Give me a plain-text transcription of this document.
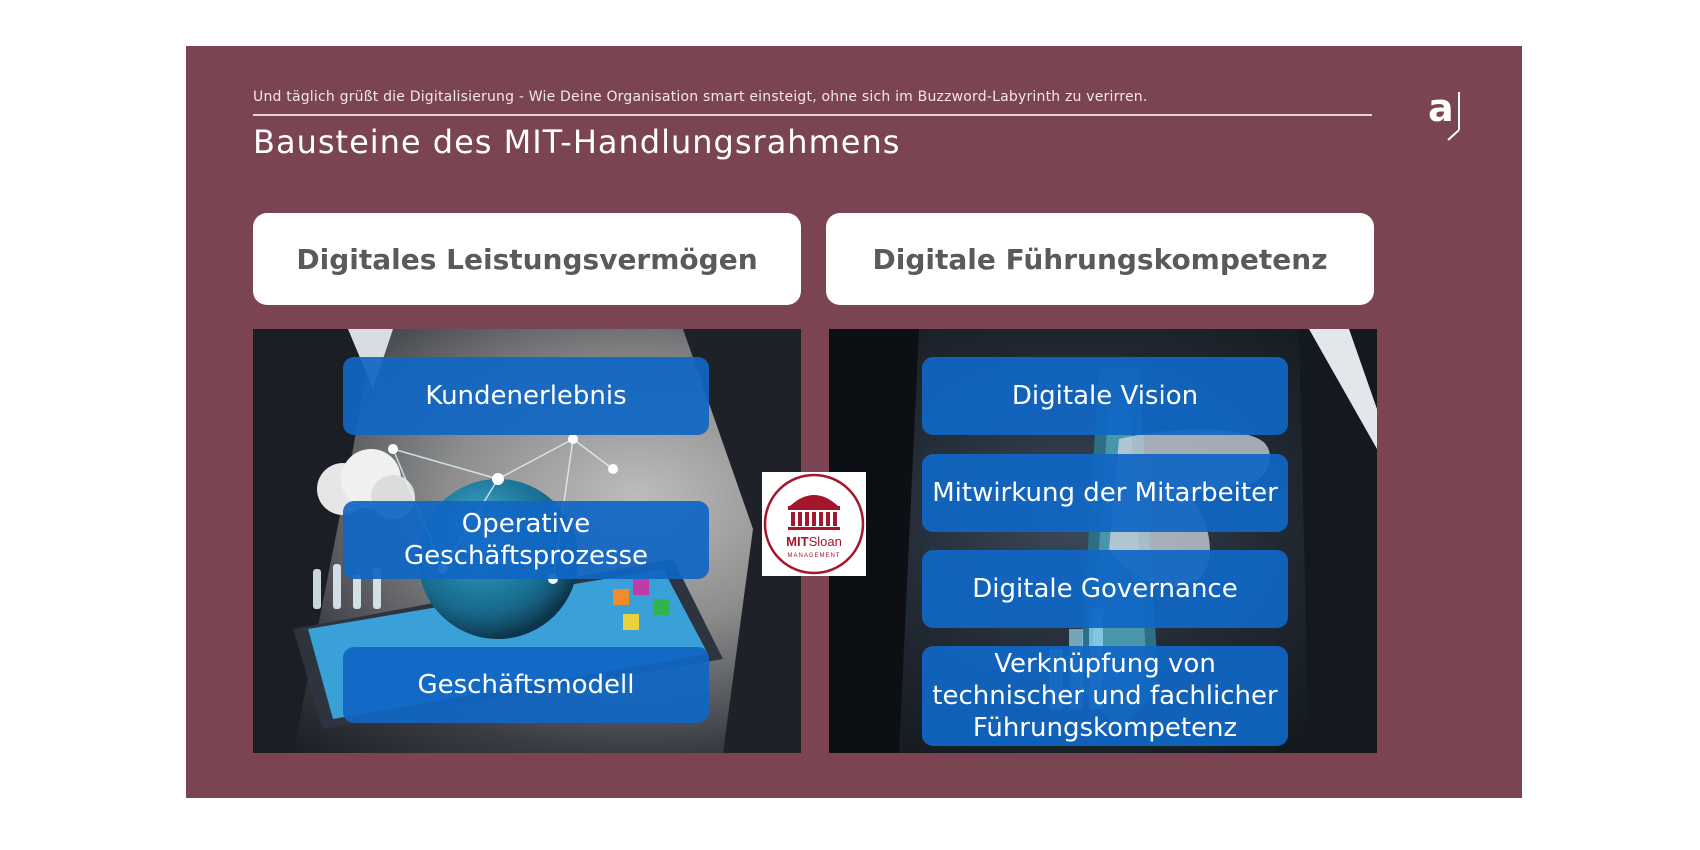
Und täglich grüßt die Digitalisierung - Wie Deine Organisation smart einsteigt, ohne sich im Buzzword-Labyrinth zu verirren.
Bausteine des MIT-Handlungsrahmens
a
Digitales Leistungsvermögen	Digitale Führungskompetenz
Kundenerlebnis
Operative
Geschäftsprozesse
Geschäftsmodell
Digitale Vision
Mitwirkung der Mitarbeiter
Digitale Governance
Verknüpfung von
technischer und fachlicher
Führungskompetenz
MITSloan
MANAGEMENT
